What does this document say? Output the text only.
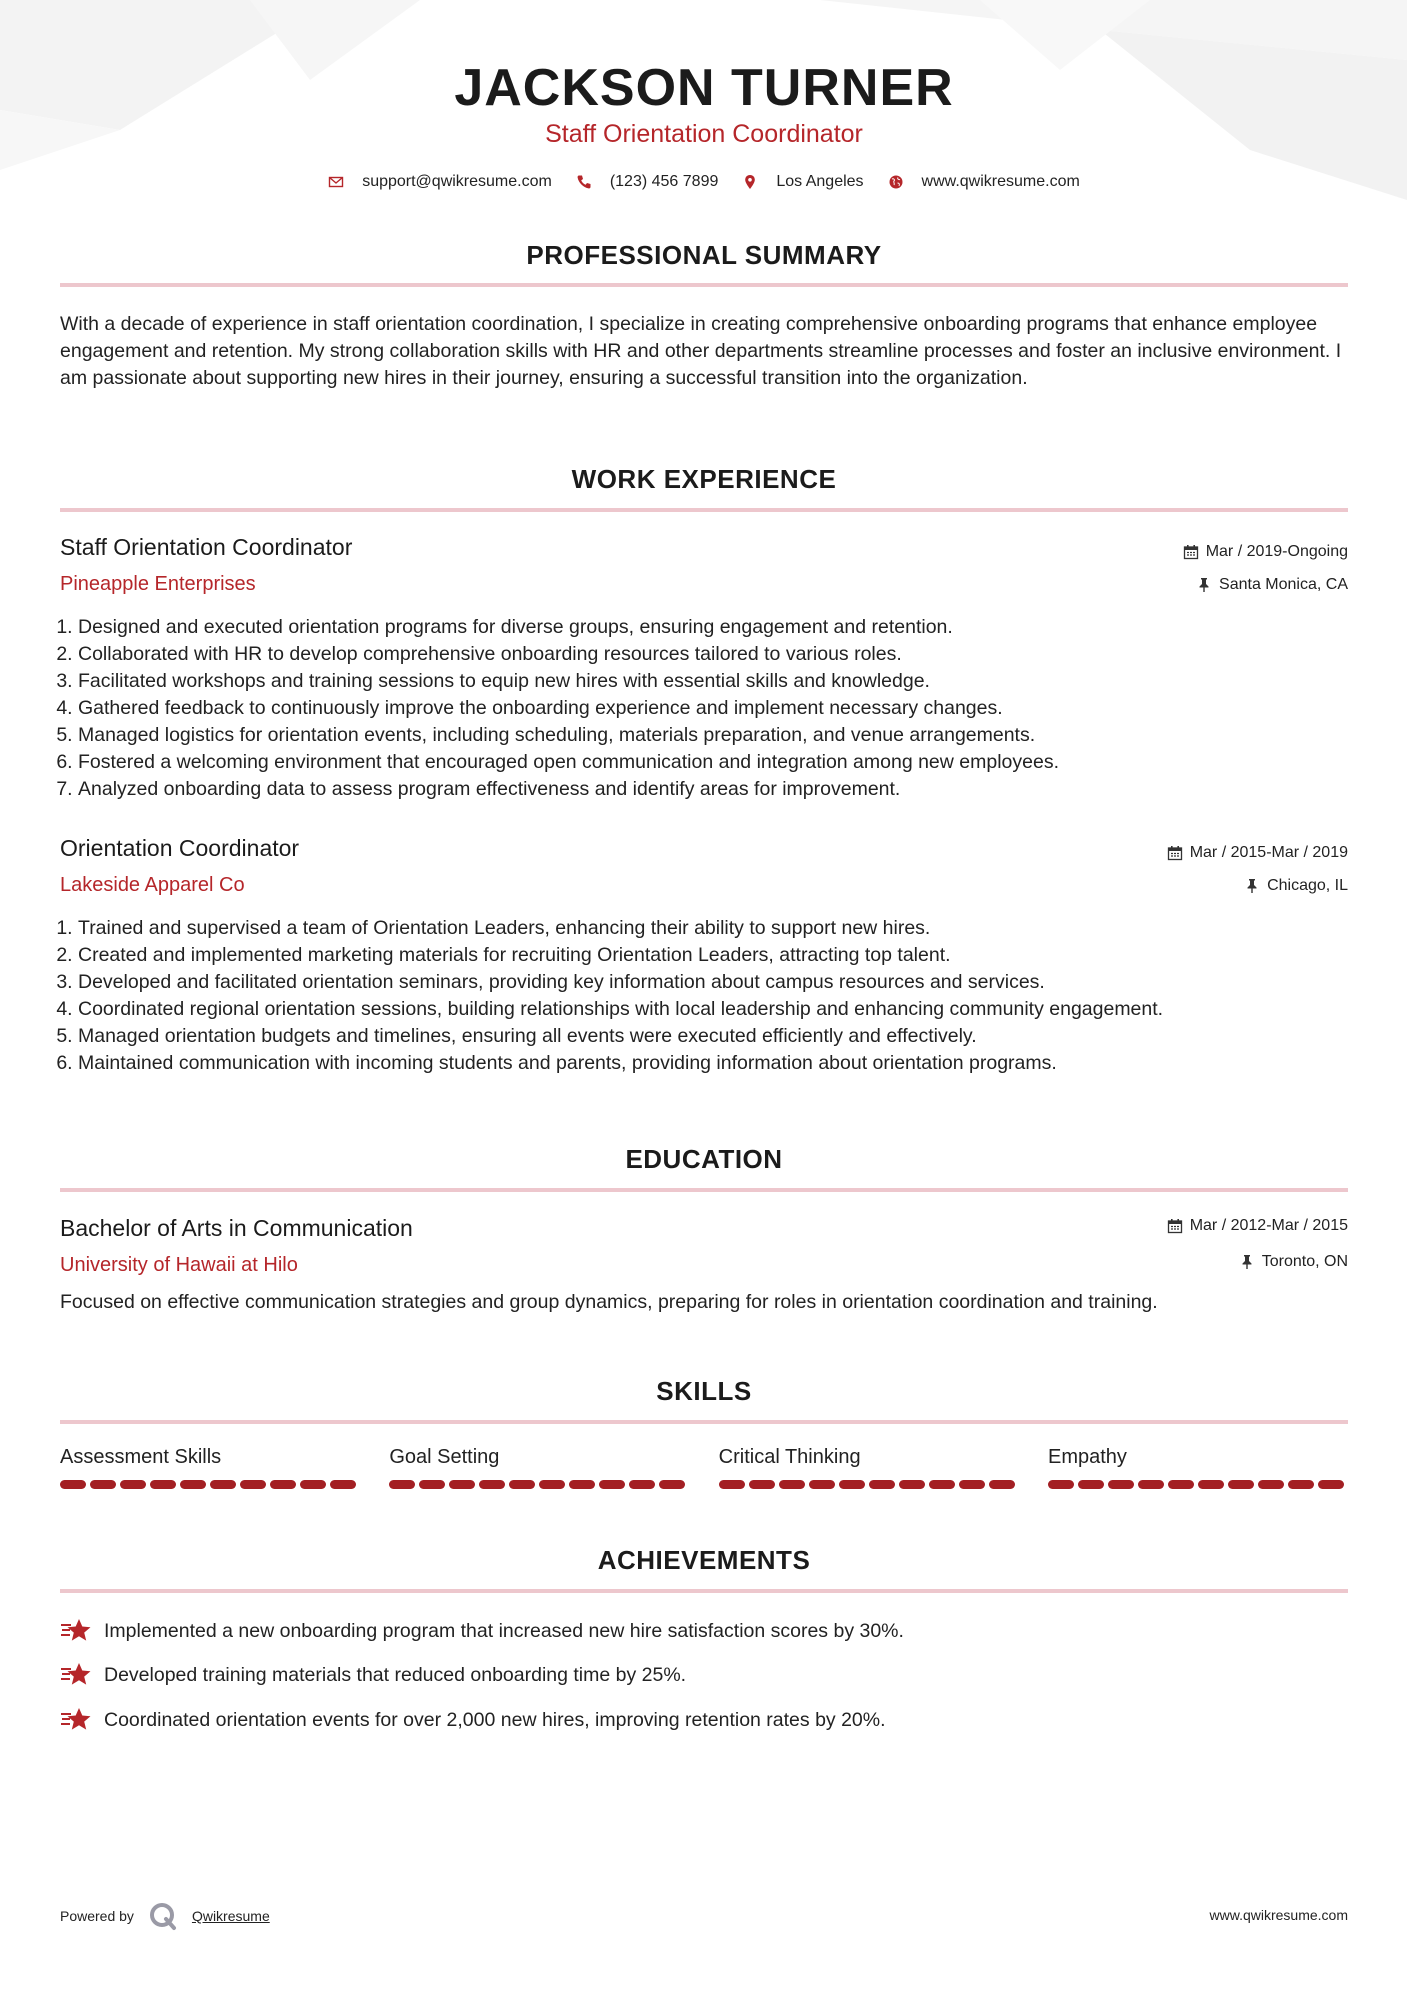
JACKSON TURNER
Staff Orientation Coordinator
support@qwikresume.com	(123) 456 7899	Los Angeles	www.qwikresume.com
PROFESSIONAL SUMMARY
With a decade of experience in staff orientation coordination, I specialize in creating comprehensive onboarding programs that enhance employee engagement and retention. My strong collaboration skills with HR and other departments streamline processes and foster an inclusive environment. I am passionate about supporting new hires in their journey, ensuring a successful transition into the organization.
WORK EXPERIENCE
Staff Orientation Coordinator	Mar / 2019-Ongoing
Pineapple Enterprises	Santa Monica, CA
1. Designed and executed orientation programs for diverse groups, ensuring engagement and retention.
2. Collaborated with HR to develop comprehensive onboarding resources tailored to various roles.
3. Facilitated workshops and training sessions to equip new hires with essential skills and knowledge.
4. Gathered feedback to continuously improve the onboarding experience and implement necessary changes.
5. Managed logistics for orientation events, including scheduling, materials preparation, and venue arrangements.
6. Fostered a welcoming environment that encouraged open communication and integration among new employees.
7. Analyzed onboarding data to assess program effectiveness and identify areas for improvement.
Orientation Coordinator	Mar / 2015-Mar / 2019
Lakeside Apparel Co	Chicago, IL
1. Trained and supervised a team of Orientation Leaders, enhancing their ability to support new hires.
2. Created and implemented marketing materials for recruiting Orientation Leaders, attracting top talent.
3. Developed and facilitated orientation seminars, providing key information about campus resources and services.
4. Coordinated regional orientation sessions, building relationships with local leadership and enhancing community engagement.
5. Managed orientation budgets and timelines, ensuring all events were executed efficiently and effectively.
6. Maintained communication with incoming students and parents, providing information about orientation programs.
EDUCATION
Bachelor of Arts in Communication	Mar / 2012-Mar / 2015
University of Hawaii at Hilo	Toronto, ON
Focused on effective communication strategies and group dynamics, preparing for roles in orientation coordination and training.
SKILLS
Assessment Skills	Goal Setting	Critical Thinking	Empathy
ACHIEVEMENTS
Implemented a new onboarding program that increased new hire satisfaction scores by 30%.
Developed training materials that reduced onboarding time by 25%.
Coordinated orientation events for over 2,000 new hires, improving retention rates by 20%.
Powered by	Qwikresume	www.qwikresume.com
